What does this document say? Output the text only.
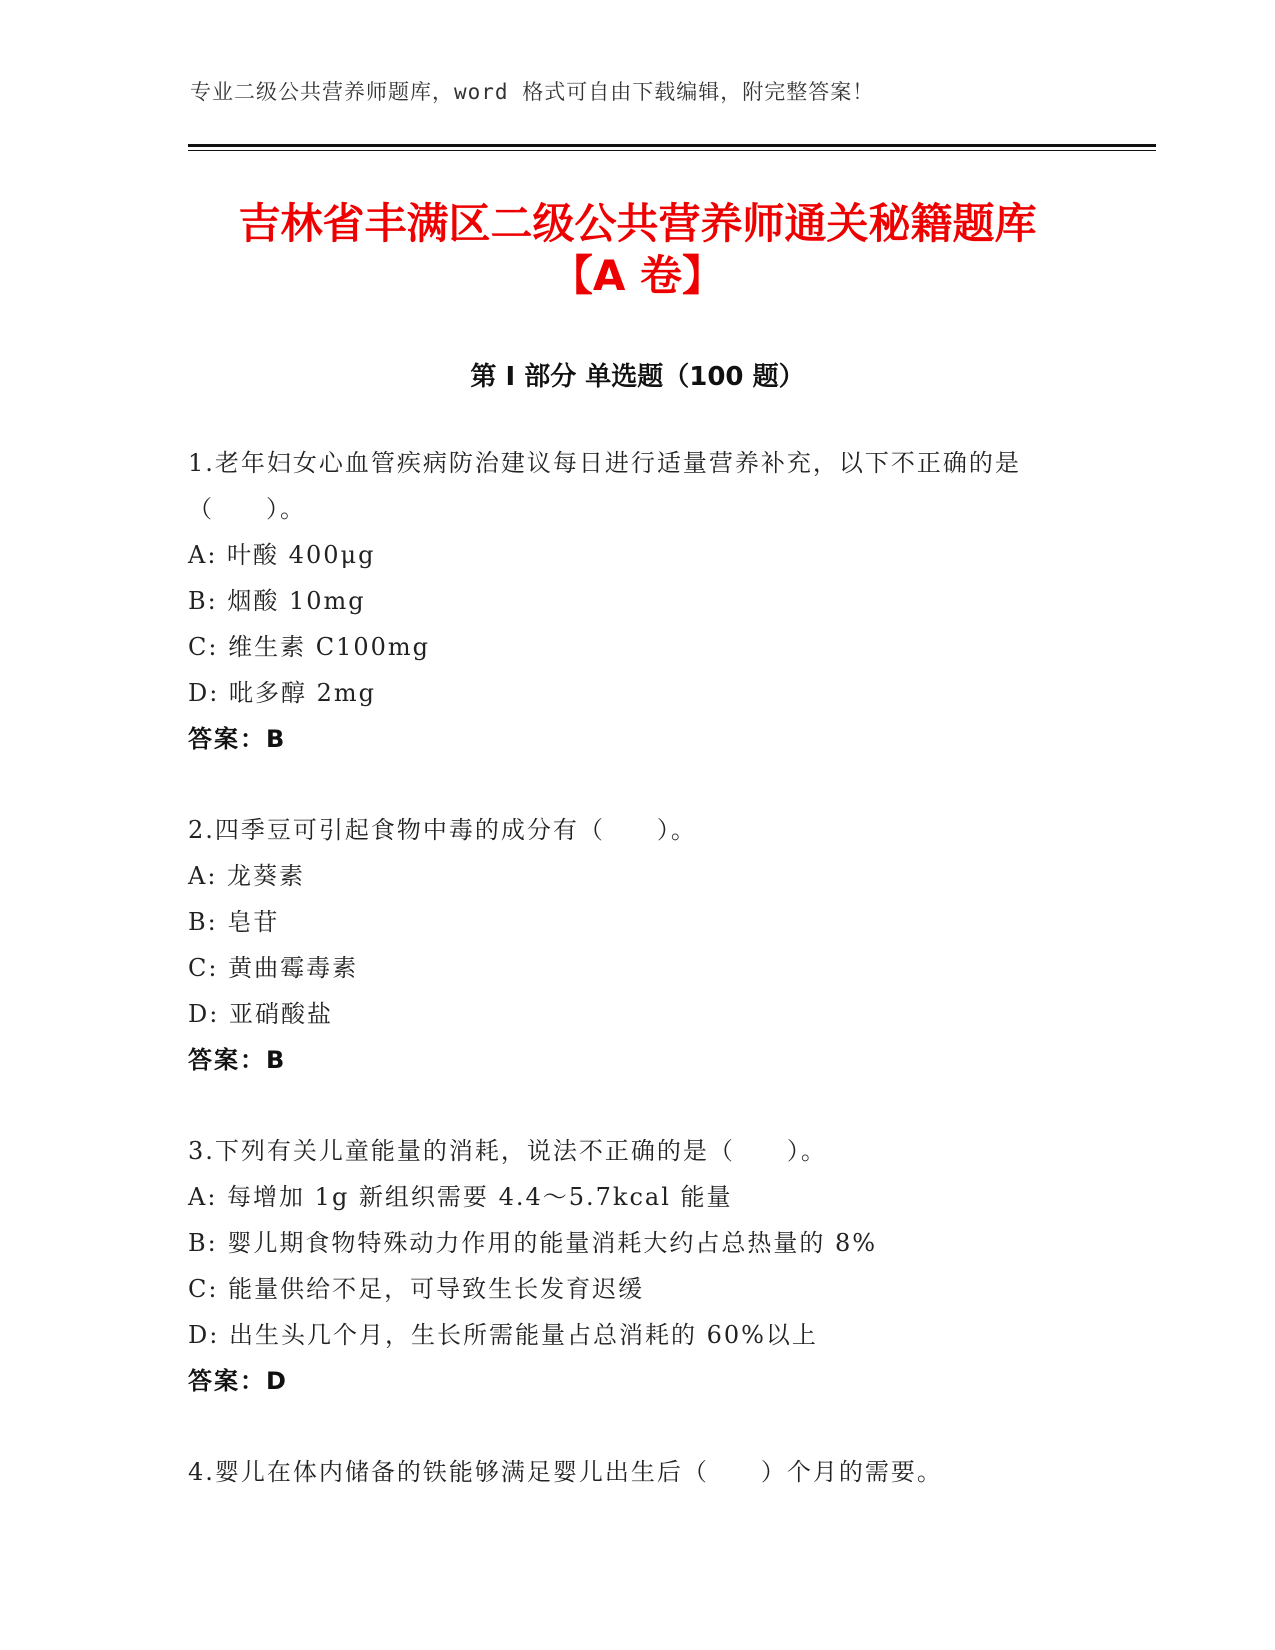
专业二级公共营养师题库，word 格式可自由下载编辑，附完整答案！
吉林省丰满区二级公共营养师通关秘籍题库
【A 卷】
第 I 部分 单选题（100 题）
1.老年妇女心血管疾病防治建议每日进行适量营养补充，以下不正确的是（　　）。
A: 叶酸 400μg
B: 烟酸 10mg
C: 维生素 C100mg
D: 吡多醇 2mg
答案：B
2.四季豆可引起食物中毒的成分有（　　）。
A: 龙葵素
B: 皂苷
C: 黄曲霉毒素
D: 亚硝酸盐
答案：B
3.下列有关儿童能量的消耗，说法不正确的是（　　）。
A: 每增加 1g 新组织需要 4.4～5.7kcal 能量
B: 婴儿期食物特殊动力作用的能量消耗大约占总热量的 8%
C: 能量供给不足，可导致生长发育迟缓
D: 出生头几个月，生长所需能量占总消耗的 60%以上
答案：D
4.婴儿在体内储备的铁能够满足婴儿出生后（　　）个月的需要。
